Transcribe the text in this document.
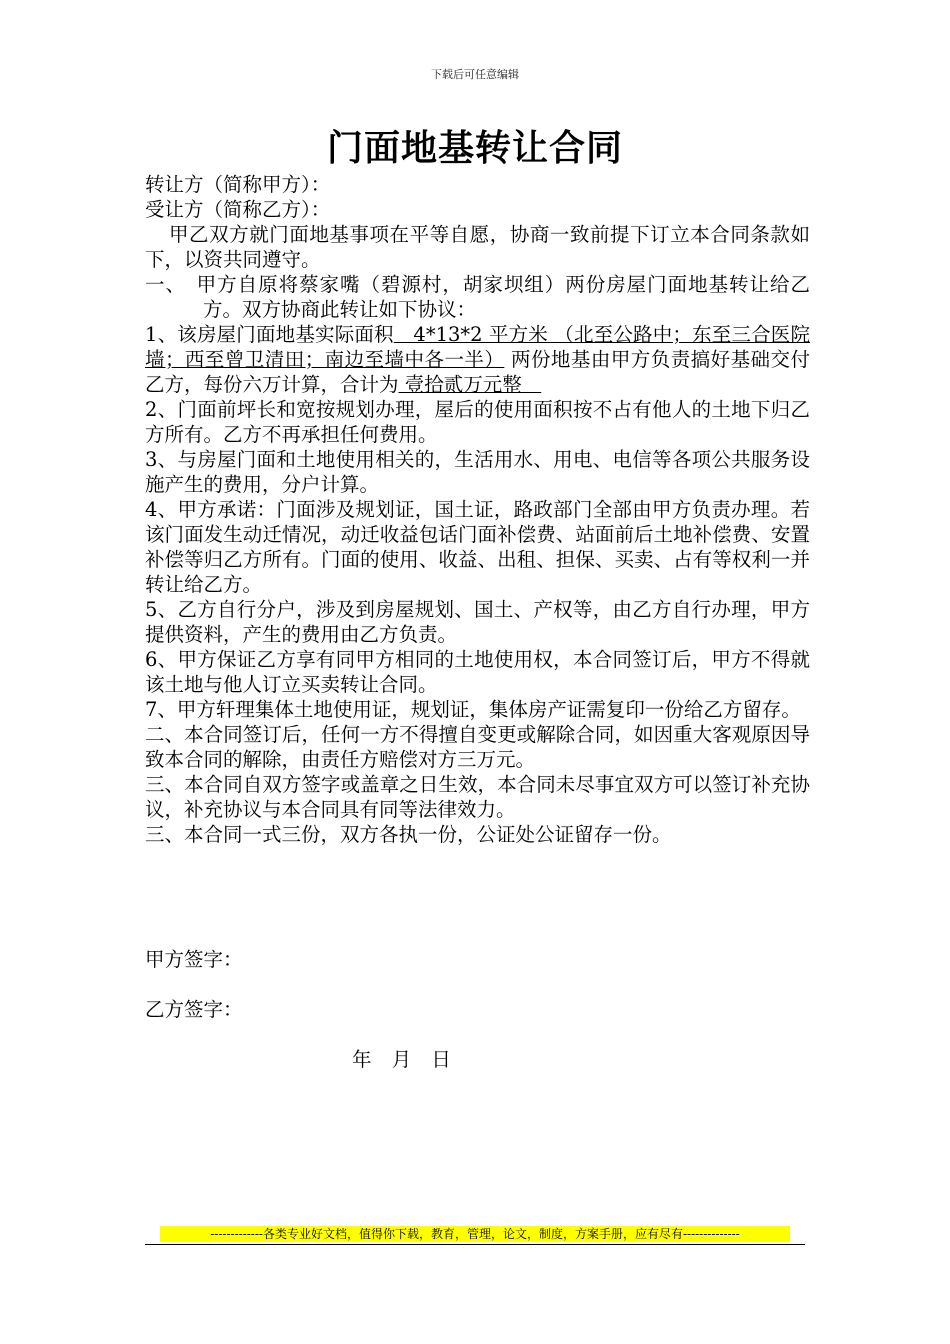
下载后可任意编辑
门面地基转让合同

转让方（简称甲方）：

受让方（简称乙方）：

甲乙双方就门面地基事项在平等自愿，协商一致前提下订立本合同条款如下，以资共同遵守。

一、　甲方自原将蔡家嘴（碧源村，胡家坝组）两份房屋门面地基转让给乙方。双方协商此转让如下协议：

1、该房屋门面地基实际面积　4*13*2 平方米 （北至公路中；东至三合医院墙；西至曾卫清田；南边至墙中各一半） 两份地基由甲方负责搞好基础交付乙方，每份六万计算，合计为 壹拾贰万元整　

2、门面前坪长和宽按规划办理，屋后的使用面积按不占有他人的土地下归乙方所有。乙方不再承担任何费用。

3、与房屋门面和土地使用相关的，生活用水、用电、电信等各项公共服务设施产生的费用，分户计算。

4、甲方承诺：门面涉及规划证，国土证，路政部门全部由甲方负责办理。若该门面发生动迁情况，动迁收益包话门面补偿费、站面前后土地补偿费、安置补偿等归乙方所有。门面的使用、收益、出租、担保、买卖、占有等权利一并转让给乙方。

5、乙方自行分户，涉及到房屋规划、国土、产权等，由乙方自行办理，甲方提供资料，产生的费用由乙方负责。

6、甲方保证乙方享有同甲方相同的土地使用权，本合同签订后，甲方不得就该土地与他人订立买卖转让合同。

7、甲方轩理集体土地使用证，规划证，集体房产证需复印一份给乙方留存。

二、本合同签订后，任何一方不得擅自变更或解除合同，如因重大客观原因导致本合同的解除，由责任方赔偿对方三万元。

三、本合同自双方签字或盖章之日生效，本合同未尽事宜双方可以签订补充协议，补充协议与本合同具有同等法律效力。

三、本合同一式三份，双方各执一份，公证处公证留存一份。

甲方签字：
乙方签字：
年 月 日
-------------各类专业好文档，值得你下载，教育，管理，论文，制度，方案手册，应有尽有--------------
